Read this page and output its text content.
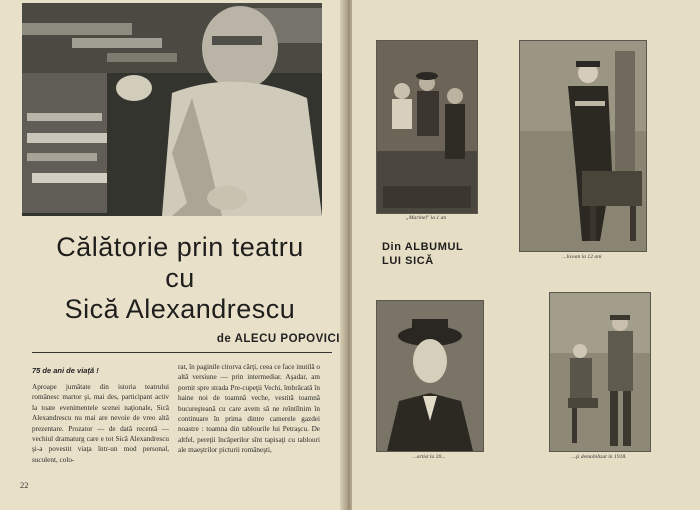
Călătorie prin teatru
cu
Sică Alexandrescu
de ALECU POPOVICI
75 de ani de viaţă !
Aproape jumătate din istoria teatrului românesc martor şi, mai des, participant activ la toate evenimentele scenei naţionale, Sică Alexandrescu nu mai are nevoie de vreo altă prezentare. Prozator — de dată recentă — vechiul dramaturg care e tot Sică Alexandrescu şi-a povestit viaţa într-un mod personal, suculent, colo-
rat, în paginile citorva cărţi, ceea ce face inutilă o altă versiune — prin intermediar. Aşadar, am pornit spre strada Pre-cupeţii Vechi, îmbrăcată în haine noi de toamnă veche, vestită toamnă bucureşteană cu care avem să ne reîntîlnim în continuare în prima dintre camerele gazdei noastre : toamna din tablourile lui Petraşcu. De altfel, pereţii încăperilor sînt tapisaţi cu tablouri ale maeştrilor picturii româneşti,
22
„Marinel" la 1 an
...licean la 12 ani
Din ALBUMUL
LUI SICĂ
...artist la 20...	...şi demobilizat în 1918.
